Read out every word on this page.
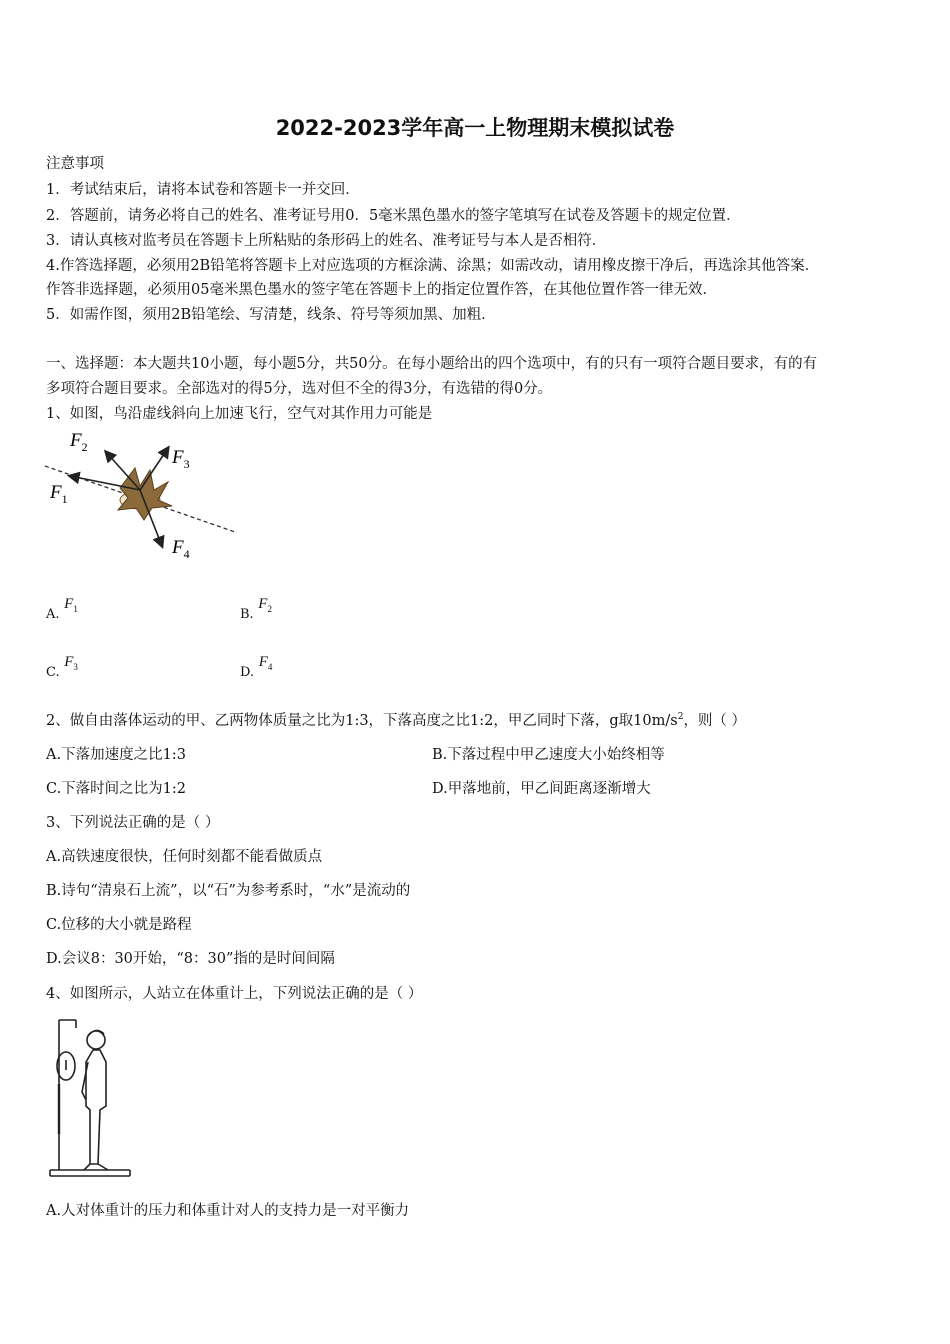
2022-2023学年高一上物理期末模拟试卷
注意事项
1．考试结束后，请将本试卷和答题卡一并交回．
2．答题前，请务必将自己的姓名、准考证号用0．5毫米黑色墨水的签字笔填写在试卷及答题卡的规定位置．
3．请认真核对监考员在答题卡上所粘贴的条形码上的姓名、准考证号与本人是否相符．
4.作答选择题，必须用2B铅笔将答题卡上对应选项的方框涂满、涂黑；如需改动，请用橡皮擦干净后，再选涂其他答案．
作答非选择题，必须用05毫米黑色墨水的签字笔在答题卡上的指定位置作答，在其他位置作答一律无效．
5．如需作图，须用2B铅笔绘、写清楚，线条、符号等须加黑、加粗．
一、选择题：本大题共10小题，每小题5分，共50分。在每小题给出的四个选项中，有的只有一项符合题目要求，有的有
多项符合题目要求。全部选对的得5分，选对但不全的得3分，有选错的得0分。
1、如图，鸟沿虚线斜向上加速飞行，空气对其作用力可能是
$F_2$	$F_3$
$F_1$
$F_4$
A. $F_1$	B. $F_2$
C. $F_3$	D. $F_4$
2、做自由落体运动的甲、乙两物体质量之比为1:3，下落高度之比1:2，甲乙同时下落，g取$10m/s^2$，则（ ）
A.下落加速度之比1:3	B.下落过程中甲乙速度大小始终相等
C.下落时间之比为1:2	D.甲落地前，甲乙间距离逐渐增大
3、下列说法正确的是（ ）
A.高铁速度很快，任何时刻都不能看做质点
B.诗句“清泉石上流”，以“石”为参考系时，“水”是流动的
C.位移的大小就是路程
D.会议8：30开始，“8：30”指的是时间间隔
4、如图所示，人站立在体重计上，下列说法正确的是（ ）
A.人对体重计的压力和体重计对人的支持力是一对平衡力
